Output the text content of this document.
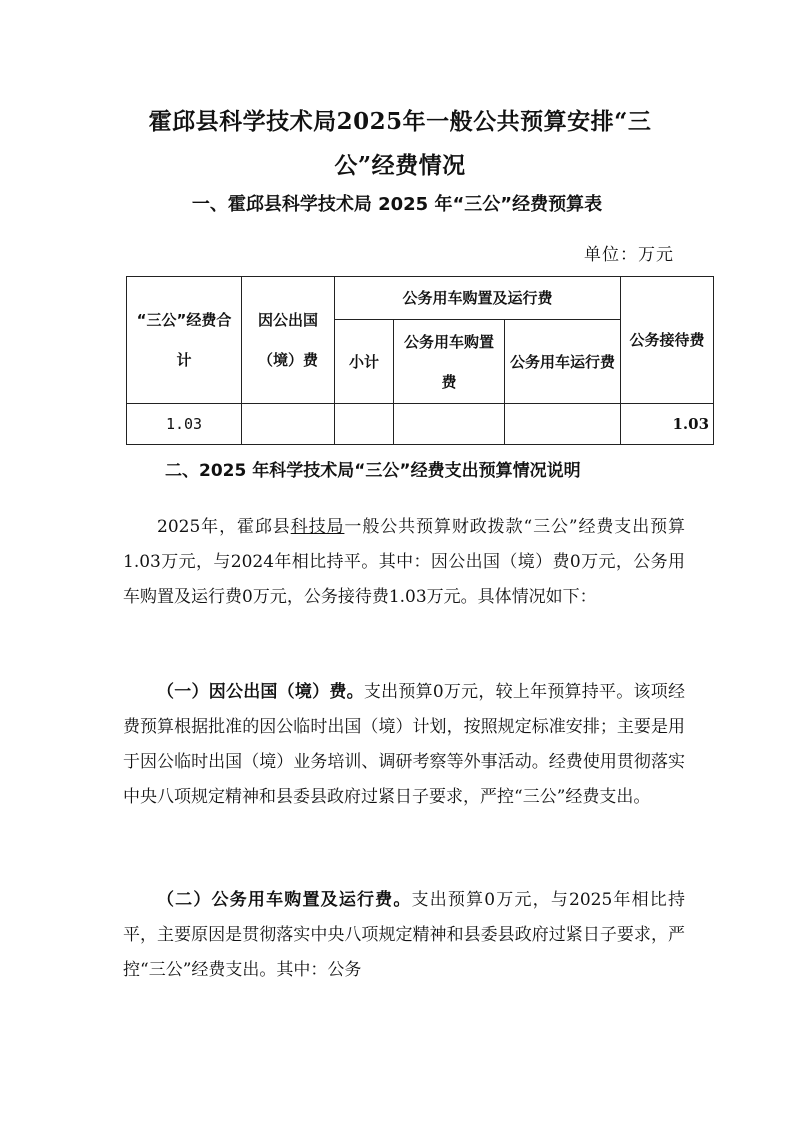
霍邱县科学技术局2025年一般公共预算安排“三公”经费情况
一、霍邱县科学技术局 2025 年“三公”经费预算表
单位：万元
“三公”经费合计	因公出国（境）费	公务用车购置及运行费			公务接待费
		小计	公务用车购置费	公务用车运行费	
1.03					1.03
二、2025 年科学技术局“三公”经费支出预算情况说明

2025年，霍邱县科技局一般公共预算财政拨款“三公”经费支出预算1.03万元，与2024年相比持平。其中：因公出国（境）费0万元，公务用车购置及运行费0万元，公务接待费1.03万元。具体情况如下：

（一）因公出国（境）费。支出预算0万元，较上年预算持平。该项经费预算根据批准的因公临时出国（境）计划，按照规定标准安排；主要是用于因公临时出国（境）业务培训、调研考察等外事活动。经费使用贯彻落实中央八项规定精神和县委县政府过紧日子要求，严控“三公”经费支出。

（二）公务用车购置及运行费。支出预算0万元，与2025年相比持平，主要原因是贯彻落实中央八项规定精神和县委县政府过紧日子要求，严控“三公”经费支出。其中：公务
